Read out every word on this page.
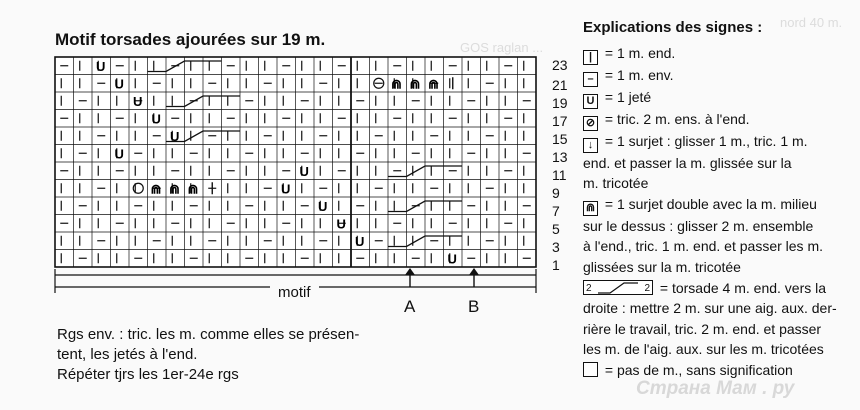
nord 40 m.
GOS raglan ...
Motif torsades ajourées sur 19 m.
U
U
U
U
U
U
U
U
U
U
U
U
⋒ ⋒ ⋒
⋒ ⋒ ⋒
23
21
19
17
15
13
11
9
7
5
3
1
motif
A	B
Rgs env. : tric. les m. comme elles se présen-
tent, les jetés à l'end.
Répéter tjrs les 1er-24e rgs
Explications des signes :
| = 1 m. end.
– = 1 m. env.
U = 1 jeté
⊘ = tric. 2 m. ens. à l'end.
↓ = 1 surjet : glisser 1 m., tric. 1 m.
end. et passer la m. glissée sur la
m. tricotée
⋒ = 1 surjet double avec la m. milieu
sur le dessus : glisser 2 m. ensemble
à l'end., tric. 1 m. end. et passer les m.
glissées sur la m. tricotée
2	2 = torsade 4 m. end. vers la
droite : mettre 2 m. sur une aig. aux. der-
rière le travail, tric. 2 m. end. et passer
les m. de l'aig. aux. sur les m. tricotées
= pas de m., sans signification
Страна Мам . ру
